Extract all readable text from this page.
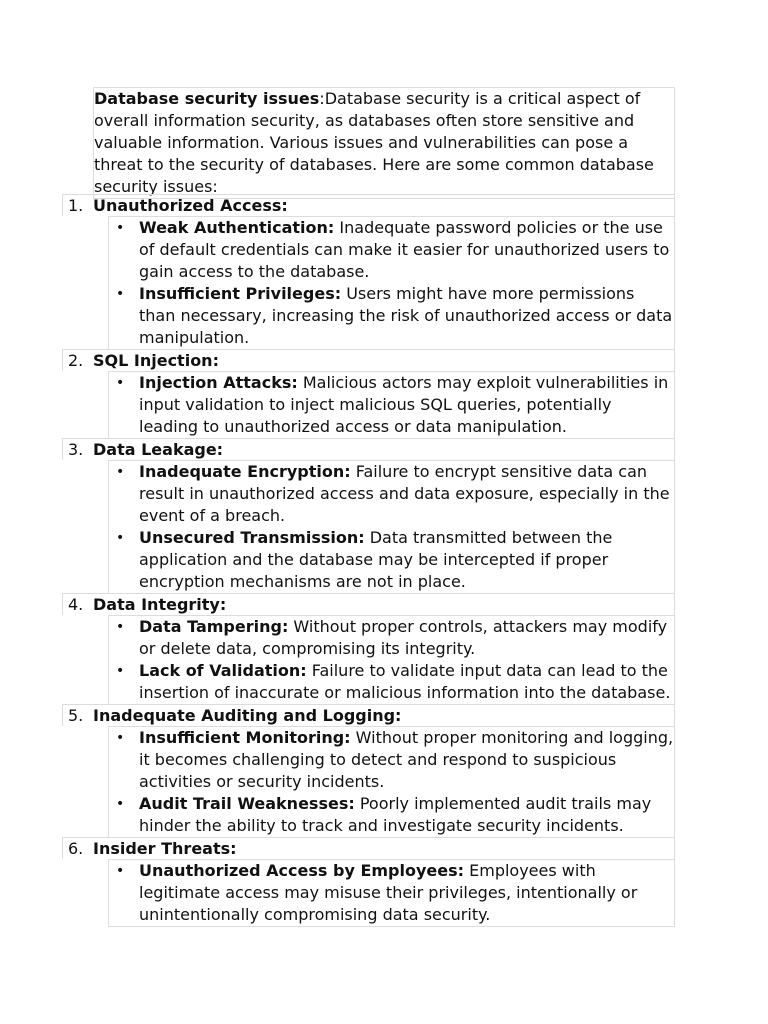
Database security issues:Database security is a critical aspect of overall information security, as databases often store sensitive and valuable information. Various issues and vulnerabilities can pose a threat to the security of databases. Here are some common database security issues:

1. Unauthorized Access:
• Weak Authentication: Inadequate password policies or the use of default credentials can make it easier for unauthorized users to gain access to the database.
• Insufficient Privileges: Users might have more permissions than necessary, increasing the risk of unauthorized access or data manipulation.
2. SQL Injection:
• Injection Attacks: Malicious actors may exploit vulnerabilities in input validation to inject malicious SQL queries, potentially leading to unauthorized access or data manipulation.
3. Data Leakage:
• Inadequate Encryption: Failure to encrypt sensitive data can result in unauthorized access and data exposure, especially in the event of a breach.
• Unsecured Transmission: Data transmitted between the application and the database may be intercepted if proper encryption mechanisms are not in place.
4. Data Integrity:
• Data Tampering: Without proper controls, attackers may modify or delete data, compromising its integrity.
• Lack of Validation: Failure to validate input data can lead to the insertion of inaccurate or malicious information into the database.
5. Inadequate Auditing and Logging:
• Insufficient Monitoring: Without proper monitoring and logging, it becomes challenging to detect and respond to suspicious activities or security incidents.
• Audit Trail Weaknesses: Poorly implemented audit trails may hinder the ability to track and investigate security incidents.
6. Insider Threats:
• Unauthorized Access by Employees: Employees with legitimate access may misuse their privileges, intentionally or unintentionally compromising data security.
